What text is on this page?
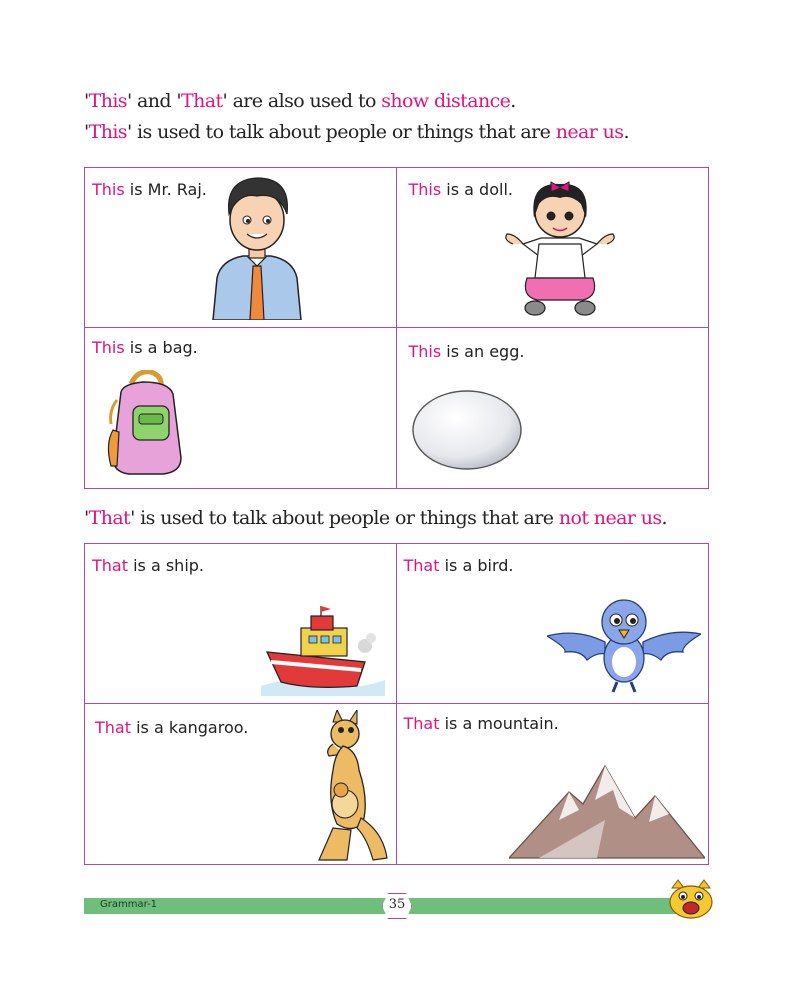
'This' and 'That' are also used to show distance.
'This' is used to talk about people or things that are near us.
This is Mr. Raj.	This is a doll.
This is a bag.	This is an egg.
'That' is used to talk about people or things that are not near us.
That is a ship.	That is a bird.
That is a kangaroo.	That is a mountain.
Grammar-1	35
